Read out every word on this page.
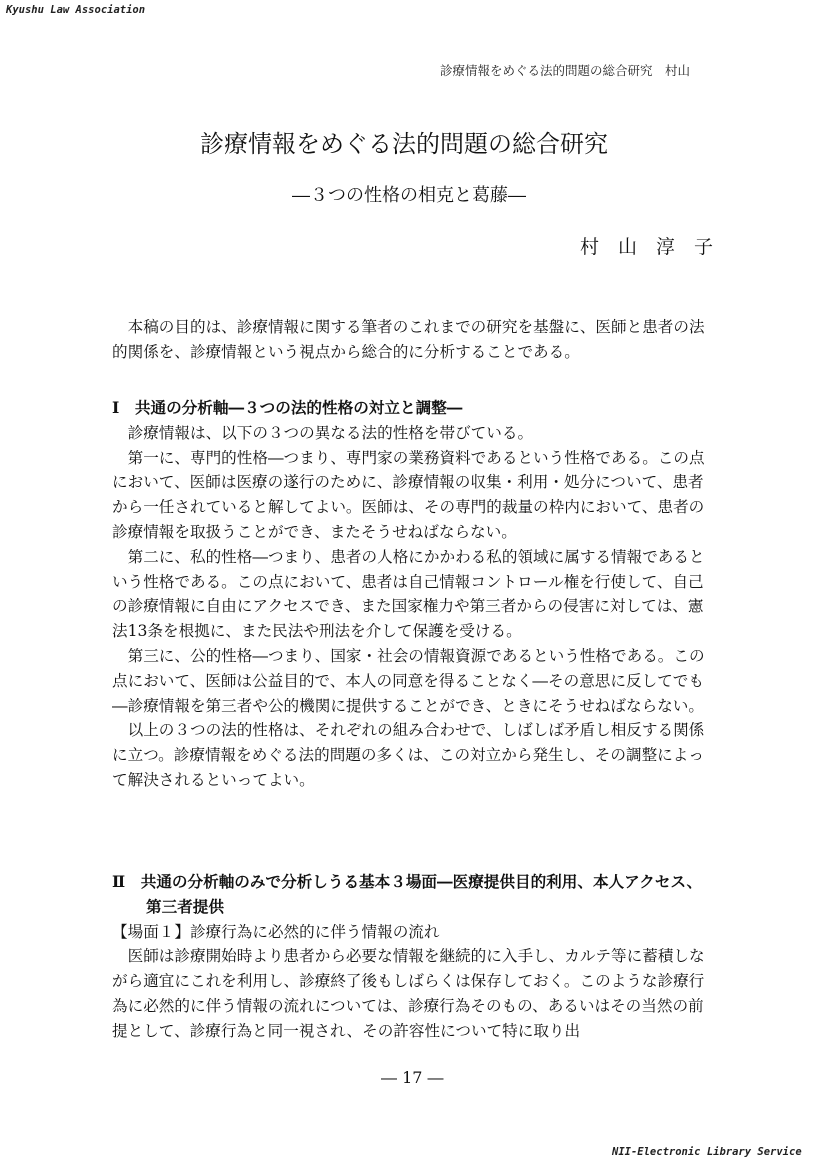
Kyushu Law Association
診療情報をめぐる法的問題の総合研究　村山
診療情報をめぐる法的問題の総合研究
―３つの性格の相克と葛藤―
村山淳子

本稿の目的は、診療情報に関する筆者のこれまでの研究を基盤に、医師と患者の法的関係を、診療情報という視点から総合的に分析することである。

Ⅰ　共通の分析軸―３つの法的性格の対立と調整―

診療情報は、以下の３つの異なる法的性格を帯びている。

第一に、専門的性格―つまり、専門家の業務資料であるという性格である。この点において、医師は医療の遂行のために、診療情報の収集・利用・処分について、患者から一任されていると解してよい。医師は、その専門的裁量の枠内において、患者の診療情報を取扱うことができ、またそうせねばならない。

第二に、私的性格―つまり、患者の人格にかかわる私的領域に属する情報であるという性格である。この点において、患者は自己情報コントロール権を行使して、自己の診療情報に自由にアクセスでき、また国家権力や第三者からの侵害に対しては、憲法13条を根拠に、また民法や刑法を介して保護を受ける。

第三に、公的性格―つまり、国家・社会の情報資源であるという性格である。この点において、医師は公益目的で、本人の同意を得ることなく―その意思に反してでも―診療情報を第三者や公的機関に提供することができ、ときにそうせねばならない。

以上の３つの法的性格は、それぞれの組み合わせで、しばしば矛盾し相反する関係に立つ。診療情報をめぐる法的問題の多くは、この対立から発生し、その調整によって解決されるといってよい。

Ⅱ　共通の分析軸のみで分析しうる基本３場面―医療提供目的利用、本人アクセス、第三者提供
【場面１】診療行為に必然的に伴う情報の流れ

医師は診療開始時より患者から必要な情報を継続的に入手し、カルテ等に蓄積しながら適宜にこれを利用し、診療終了後もしばらくは保存しておく。このような診療行為に必然的に伴う情報の流れについては、診療行為そのもの、あるいはその当然の前提として、診療行為と同一視され、その許容性について特に取り出

― 17 ―
NII-Electronic Library Service
